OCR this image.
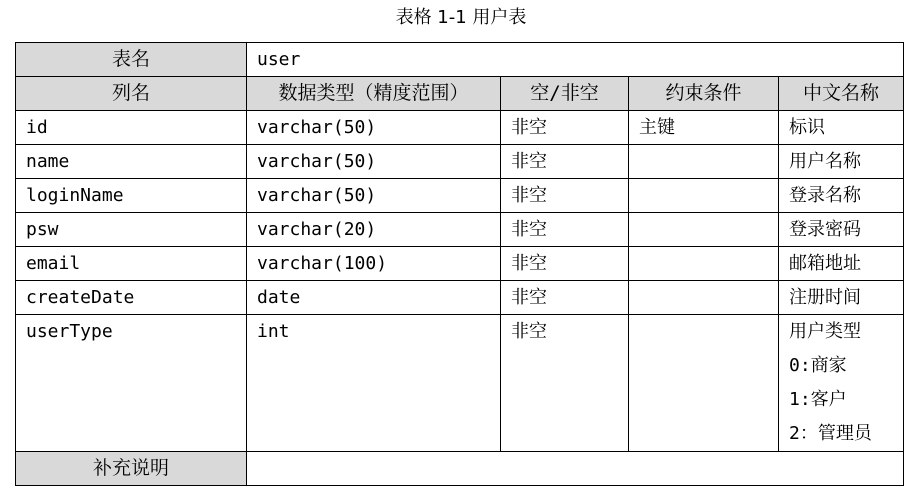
表格 1-1 用户表
表名	user			
列名	数据类型（精度范围）	空/非空	约束条件	中文名称
id	varchar(50)	非空	主键	标识
name	varchar(50)	非空		用户名称
loginName	varchar(50)	非空		登录名称
psw	varchar(20)	非空		登录密码
email	varchar(100)	非空		邮箱地址
createDate	date	非空		注册时间
userType	int	非空		用户类型
0:商家
1:客户
2：管理员

补充说明				
